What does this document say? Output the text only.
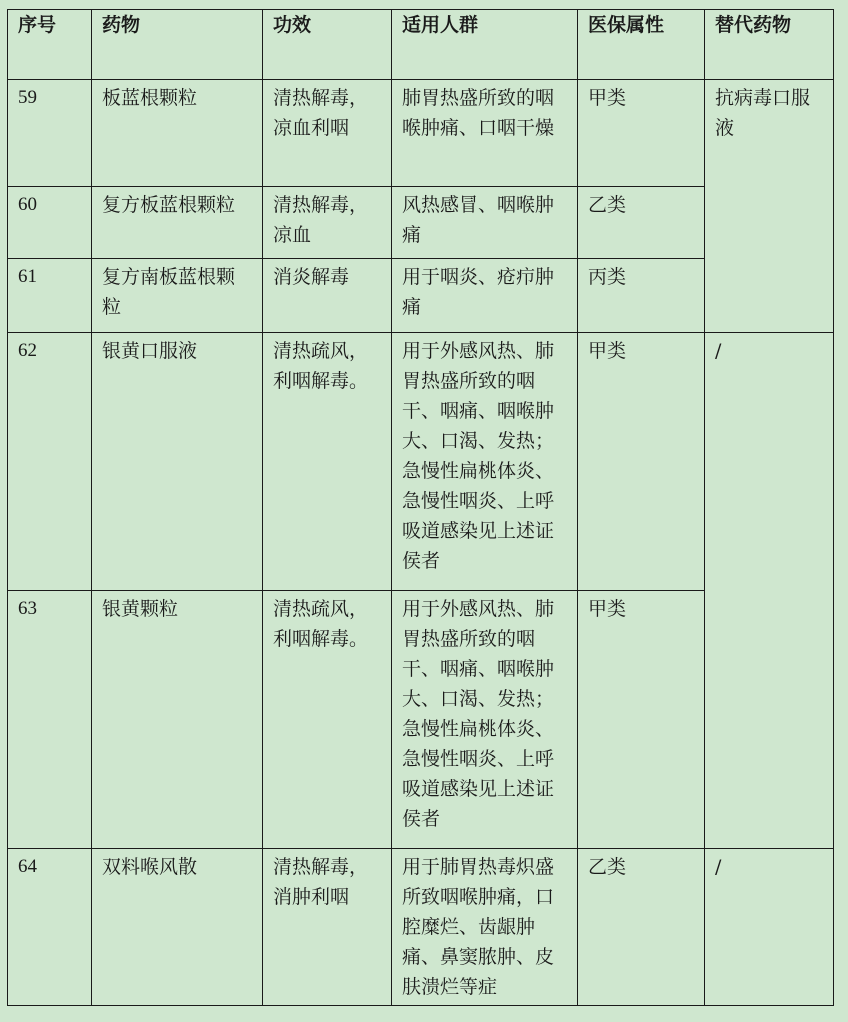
序号	药物	功效	适用人群	医保属性	替代药物
59	板蓝根颗粒	清热解毒，凉血利咽	肺胃热盛所致的咽喉肿痛、口咽干燥	甲类	抗病毒口服液
60	复方板蓝根颗粒	清热解毒，凉血	风热感冒、咽喉肿痛	乙类	
61	复方南板蓝根颗粒	消炎解毒	用于咽炎、疮疖肿痛	丙类	
62	银黄口服液	清热疏风，利咽解毒。	用于外感风热、肺胃热盛所致的咽干、咽痛、咽喉肿大、口渴、发热；急慢性扁桃体炎、急慢性咽炎、上呼吸道感染见上述证侯者	甲类	/
63	银黄颗粒	清热疏风，利咽解毒。	用于外感风热、肺胃热盛所致的咽干、咽痛、咽喉肿大、口渴、发热；急慢性扁桃体炎、急慢性咽炎、上呼吸道感染见上述证侯者	甲类	
64	双料喉风散	清热解毒，消肿利咽	用于肺胃热毒炽盛所致咽喉肿痛，口腔糜烂、齿龈肿痛、鼻窦脓肿、皮肤溃烂等症	乙类	/
